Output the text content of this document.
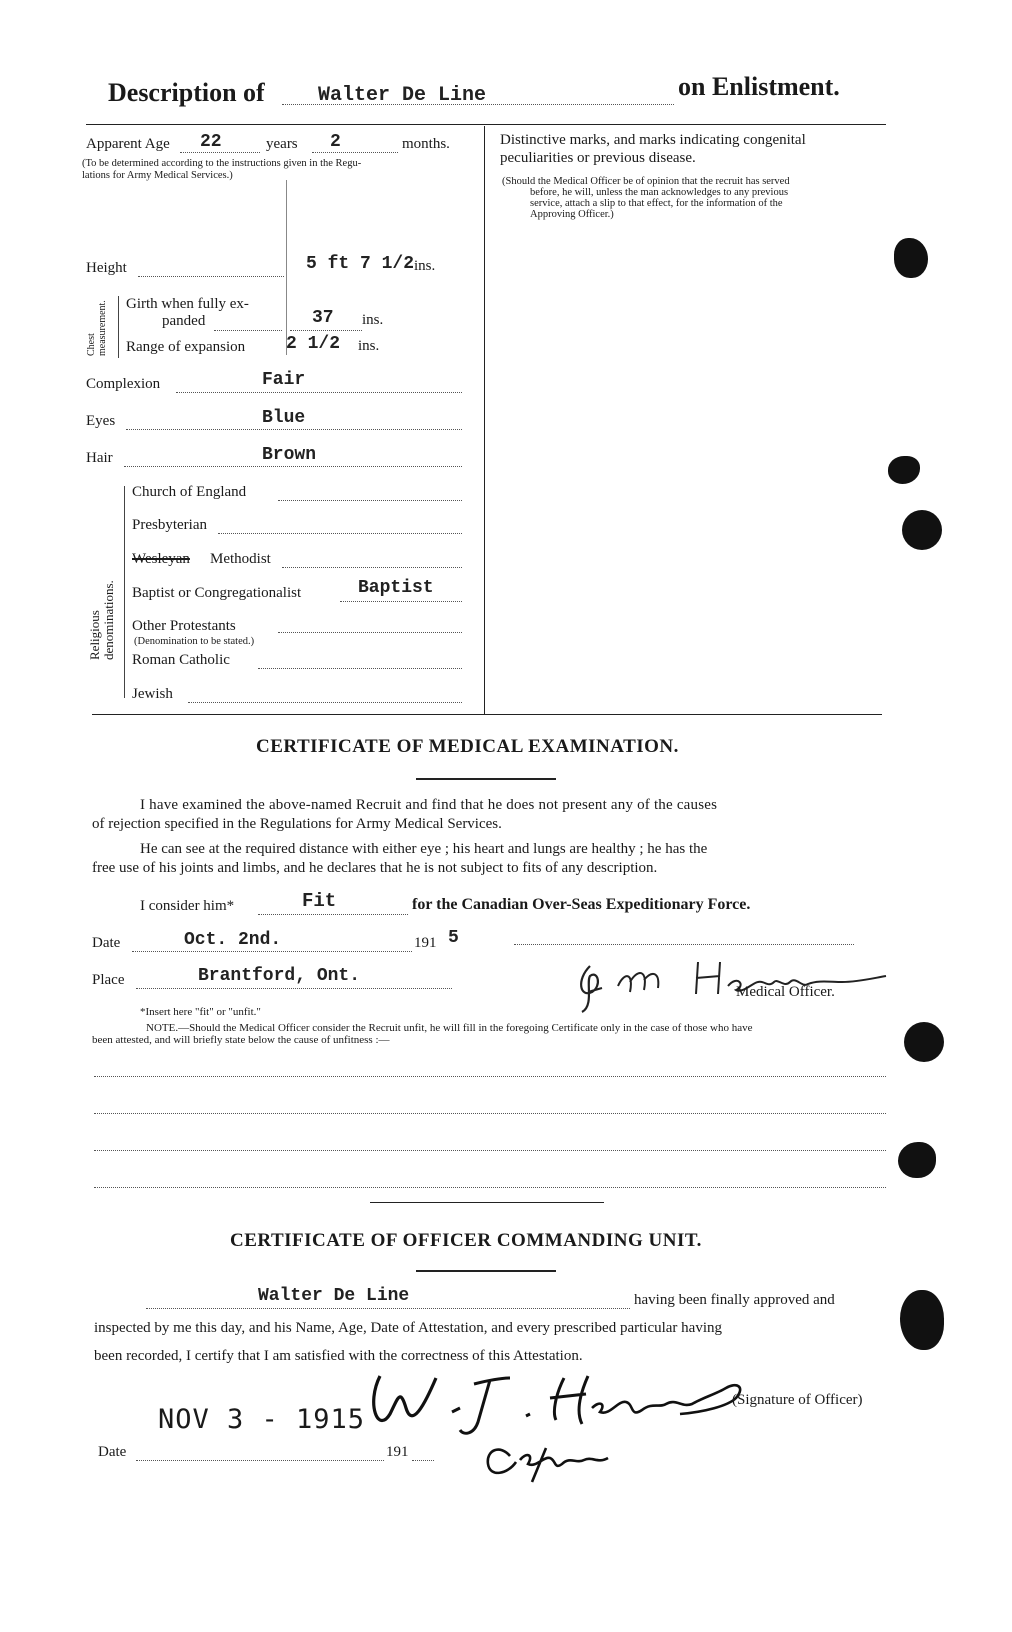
Description of	Walter De Line	on Enlistment.
Apparent Age 22	years 2	months.
(To be determined according to the instructions given in the Regu-
lations for Army Medical Services.)
Height	5 ft 7 1/2 ins.
Chest measurement. Girth when fully ex-
panded	37 ins.
Range of expansion 2 1/2 ins.
Complexion	Fair
Eyes	Blue
Hair	Brown
Religious denominations.
Church of England
Presbyterian
Wesleyan Methodist
Baptist or Congregationalist	Baptist
Other Protestants
(Denomination to be stated.)
Roman Catholic
Jewish
Distinctive marks, and marks indicating congenital
peculiarities or previous disease.
(Should the Medical Officer be of opinion that the recruit has served
before, he will, unless the man acknowledges to any previous
service, attach a slip to that effect, for the information of the
Approving Officer.)
CERTIFICATE OF MEDICAL EXAMINATION.
I have examined the above-named Recruit and find that he does not present any of the causes
of rejection specified in the Regulations for Army Medical Services.
He can see at the required distance with either eye ; his heart and lungs are healthy ; he has the
free use of his joints and limbs, and he declares that he is not subject to fits of any description.
I consider him*	Fit	for the Canadian Over-Seas Expeditionary Force.
Date	Oct. 2nd.	191 5
Place	Brantford, Ont.
Medical Officer.
*Insert here "fit" or "unfit."
NOTE.—Should the Medical Officer consider the Recruit unfit, he will fill in the foregoing Certificate only in the case of those who have
been attested, and will briefly state below the cause of unfitness :—
CERTIFICATE OF OFFICER COMMANDING UNIT.
Walter De Line	having been finally approved and
inspected by me this day, and his Name, Age, Date of Attestation, and every prescribed particular having
been recorded, I certify that I am satisfied with the correctness of this Attestation.
NOV 3 - 1915
(Signature of Officer)
Date	191
